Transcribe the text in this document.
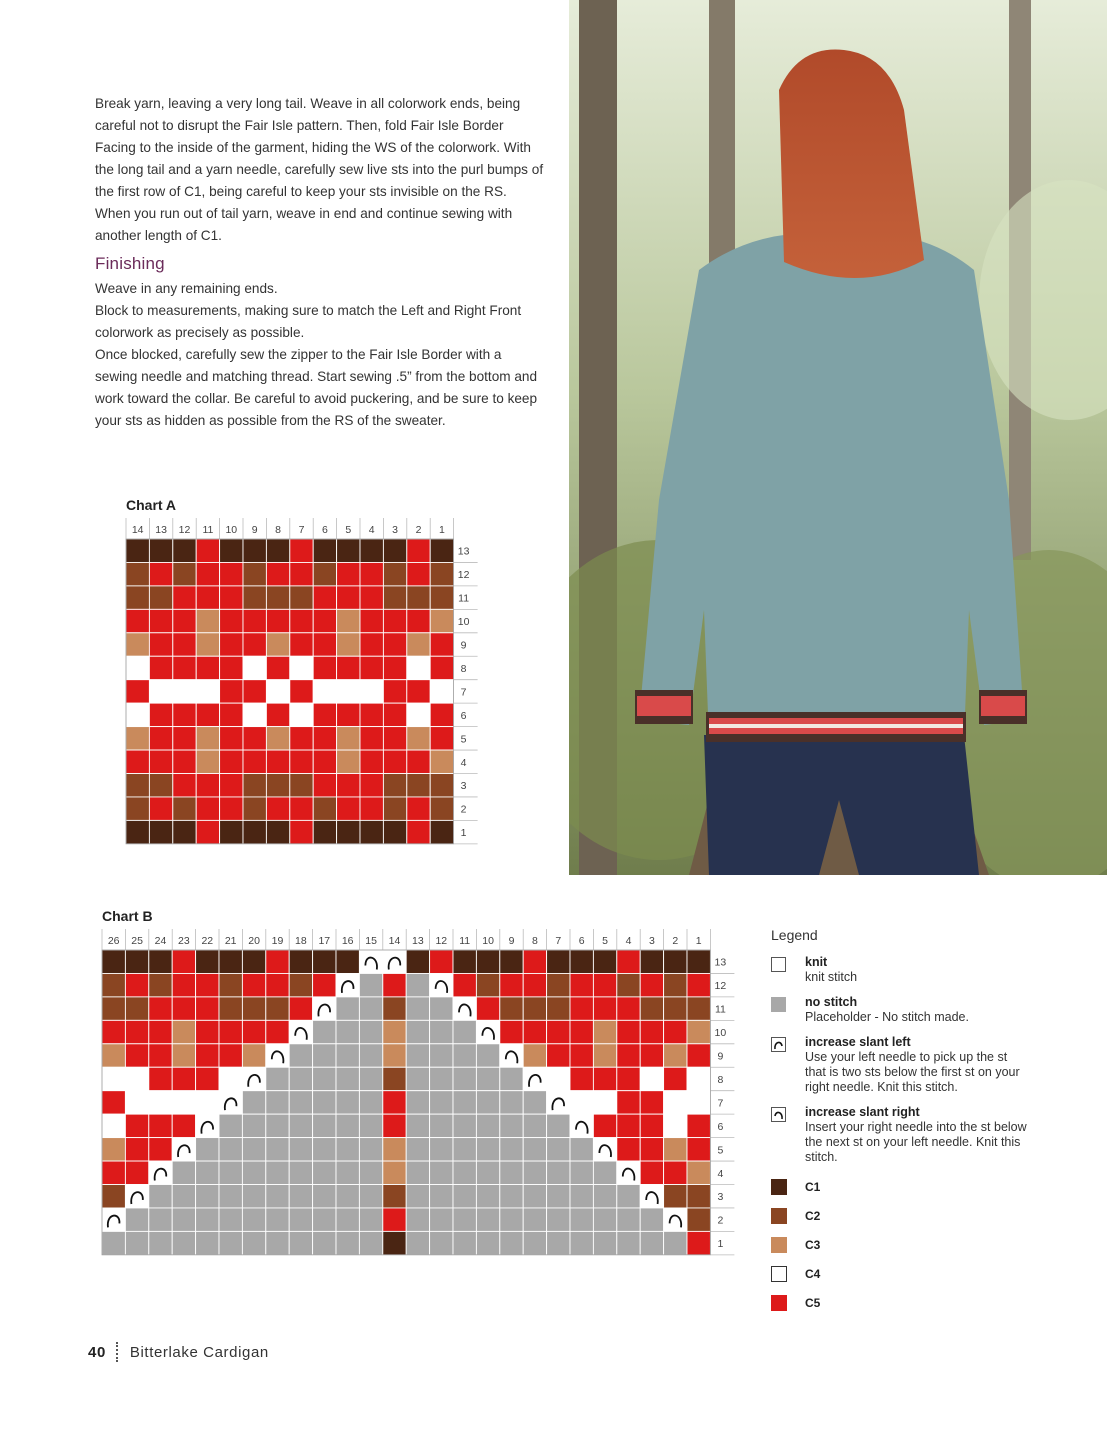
Break yarn, leaving a very long tail. Weave in all colorwork ends, being careful not to disrupt the Fair Isle pattern. Then, fold Fair Isle Border Facing to the inside of the garment, hiding the WS of the colorwork. With the long tail and a yarn needle, carefully sew live sts into the purl bumps of the first row of C1, being careful to keep your sts invisible on the RS. When you run out of tail yarn, weave in end and continue sewing with another length of C1.

Finishing

Weave in any remaining ends.

Block to measurements, making sure to match the Left and Right Front colorwork as precisely as possible.

Once blocked, carefully sew the zipper to the Fair Isle Border with a sewing needle and matching thread. Start sewing .5” from the bottom and work toward the collar. Be careful to avoid puckering, and be sure to keep your sts as hidden as possible from the RS of the sweater.

Chart A
14 13 12 11 10 9 8 7 6 5 4 3 2 1
13
12
11
10
9
8
7
6
5
4
3
2
1
Chart B
26 25 24 23 22 21 20 19 18 17 16 15 14 13 12 11 10 9 8 7 6 5 4 3 2 1
13
12
11
10
9
8
7
6
5
4
3
2
1
Legend
knit
knit stitch
no stitch
Placeholder - No stitch made.
increase slant left
Use your left needle to pick up the st that is two sts below the first st on your right needle. Knit this stitch.
increase slant right
Insert your right needle into the st below the next st on your left needle. Knit this stitch.
C1
C2
C3
C4
C5
40 Bitterlake Cardigan
